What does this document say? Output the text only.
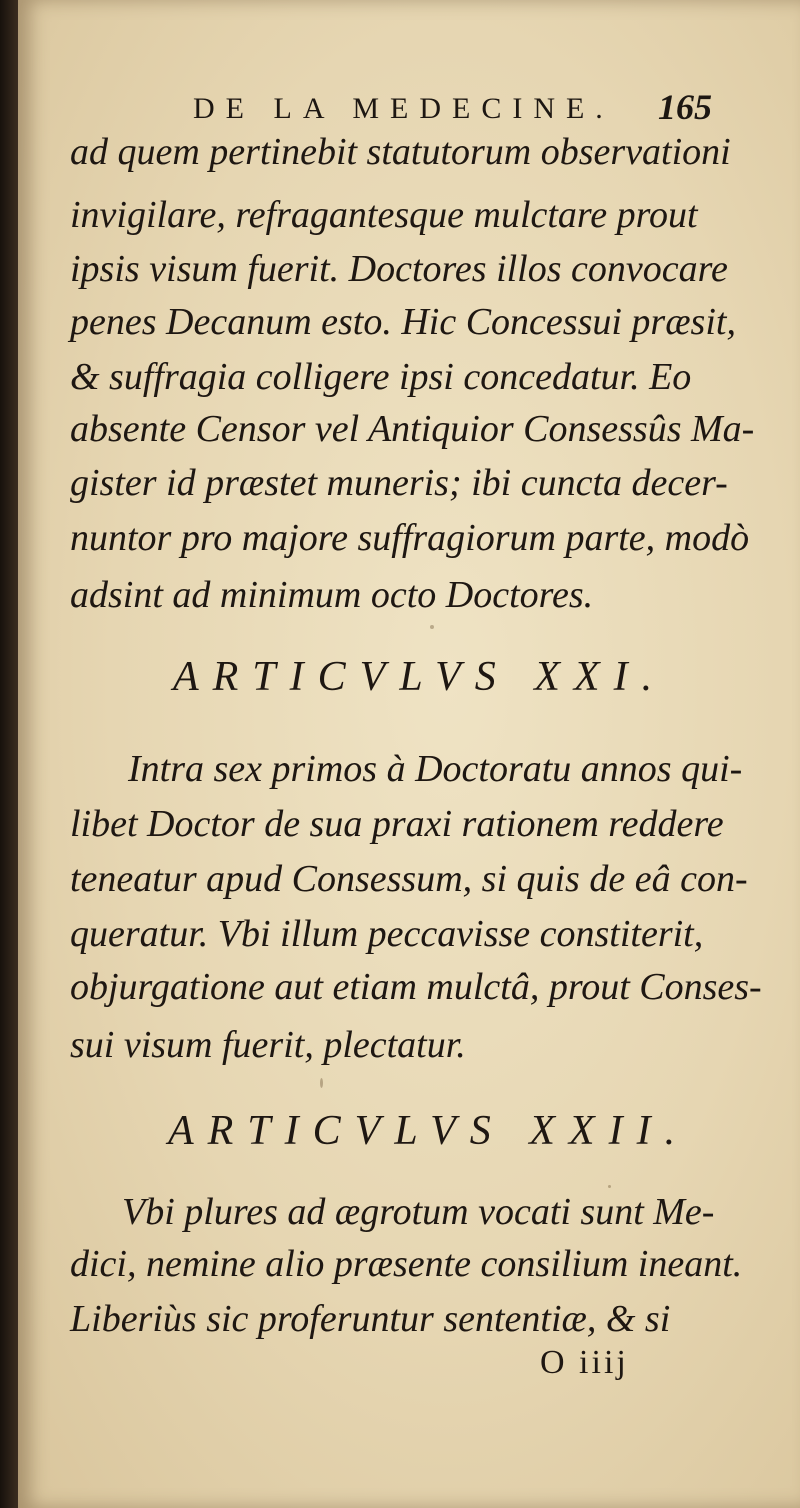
DE LA MEDECINE. 165
ad quem pertinebit statutorum observationi
invigilare, refragantesque mulctare prout
ipsis visum fuerit. Doctores illos convocare
penes Decanum esto. Hic Concessui præsit,
& suffragia colligere ipsi concedatur. Eo
absente Censor vel Antiquior Consessûs Ma-
gister id præstet muneris; ibi cuncta decer-
nuntor pro majore suffragiorum parte, modò
adsint ad minimum octo Doctores.
ARTICVLVS XXI.
Intra sex primos à Doctoratu annos qui-
libet Doctor de sua praxi rationem reddere
teneatur apud Consessum, si quis de eâ con-
queratur. Vbi illum peccavisse constiterit,
objurgatione aut etiam mulctâ, prout Conses-
sui visum fuerit, plectatur.
ARTICVLVS XXII.
Vbi plures ad ægrotum vocati sunt Me-
dici, nemine alio præsente consilium ineant.
Liberiùs sic proferuntur sententiæ, & si
O iiij
